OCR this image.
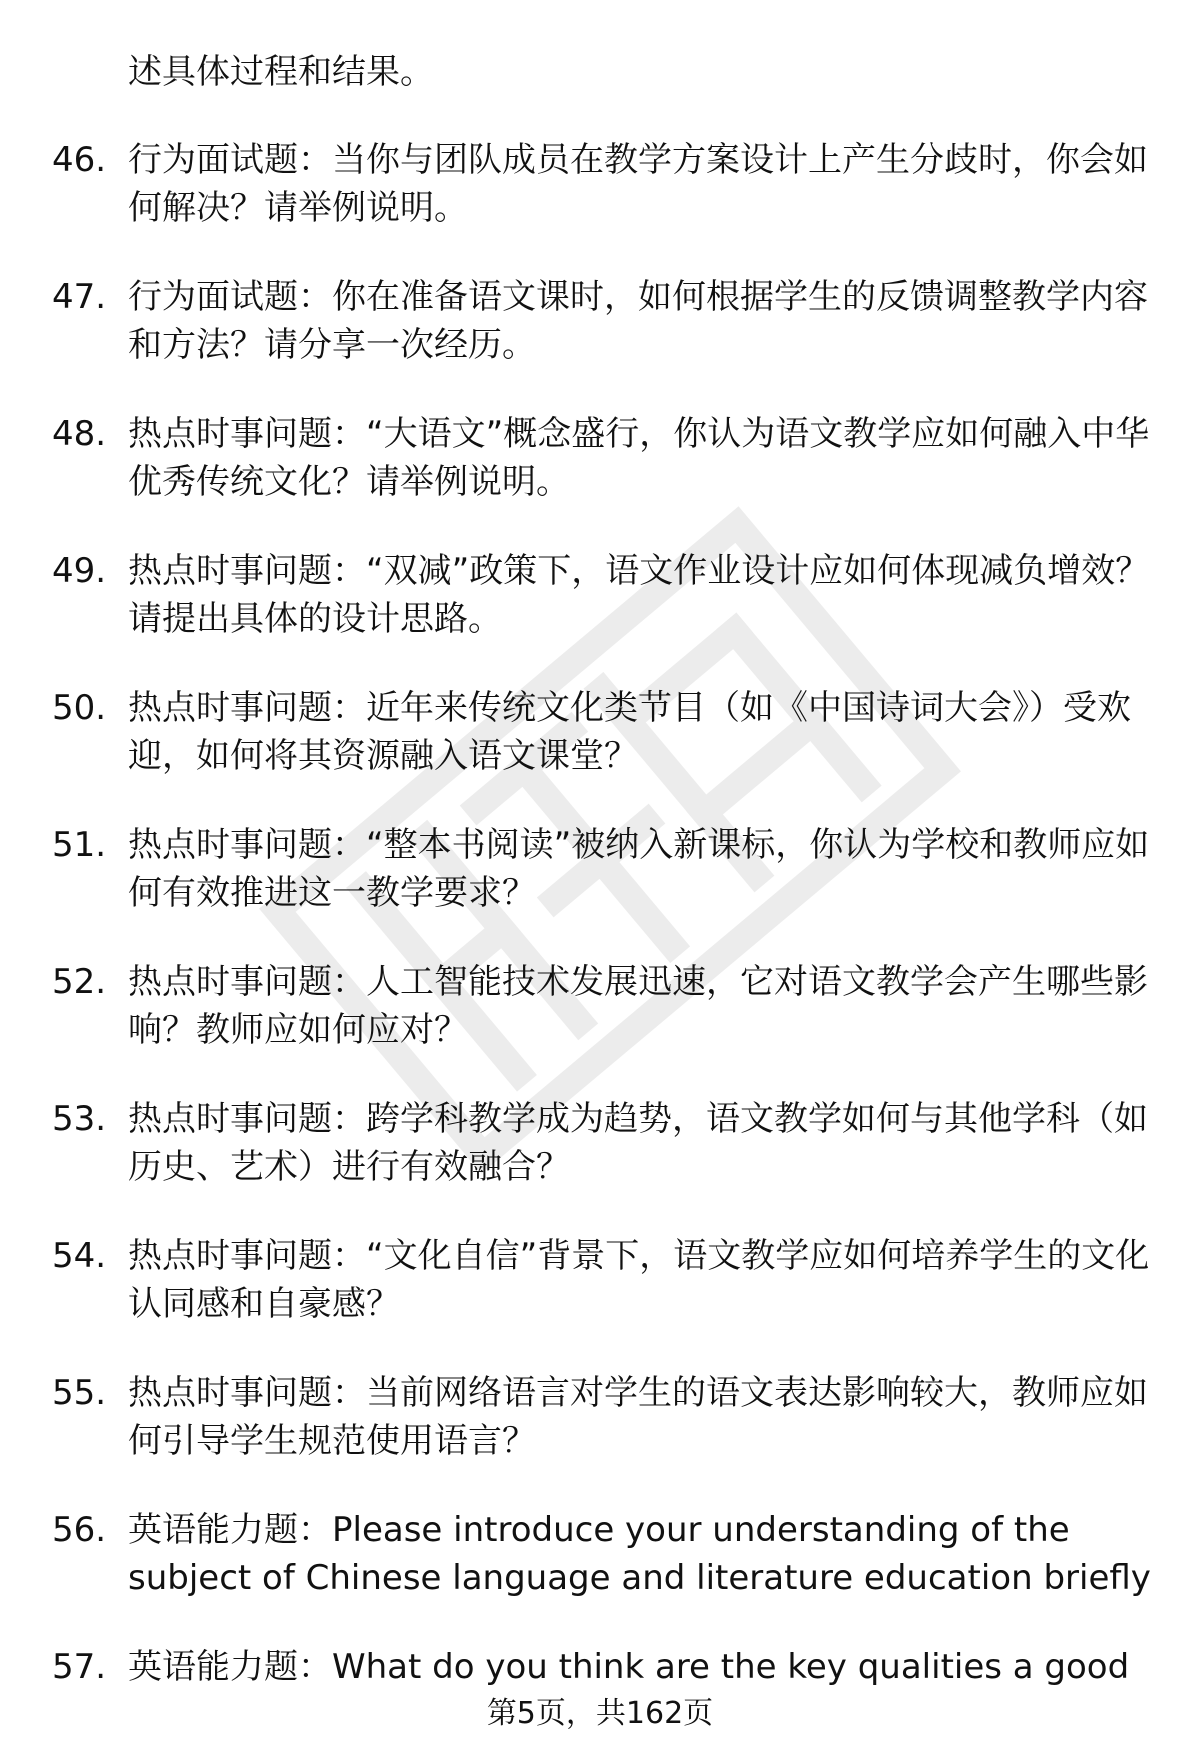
述具体过程和结果。
46. 行为面试题：当你与团队成员在教学方案设计上产生分歧时，你会如何解决？请举例说明。
47. 行为面试题：你在准备语文课时，如何根据学生的反馈调整教学内容和方法？请分享一次经历。
48. 热点时事问题：“大语文”概念盛行，你认为语文教学应如何融入中华优秀传统文化？请举例说明。
49. 热点时事问题：“双减”政策下，语文作业设计应如何体现减负增效？请提出具体的设计思路。
50. 热点时事问题：近年来传统文化类节目（如《中国诗词大会》）受欢迎，如何将其资源融入语文课堂？
51. 热点时事问题：“整本书阅读”被纳入新课标，你认为学校和教师应如何有效推进这一教学要求？
52. 热点时事问题：人工智能技术发展迅速，它对语文教学会产生哪些影响？教师应如何应对？
53. 热点时事问题：跨学科教学成为趋势，语文教学如何与其他学科（如历史、艺术）进行有效融合？
54. 热点时事问题：“文化自信”背景下，语文教学应如何培养学生的文化认同感和自豪感？
55. 热点时事问题：当前网络语言对学生的语文表达影响较大，教师应如何引导学生规范使用语言？
56. 英语能力题：Please introduce your understanding of the subject of Chinese language and literature education briefly
57. 英语能力题：What do you think are the key qualities a good
第5页，共162页
